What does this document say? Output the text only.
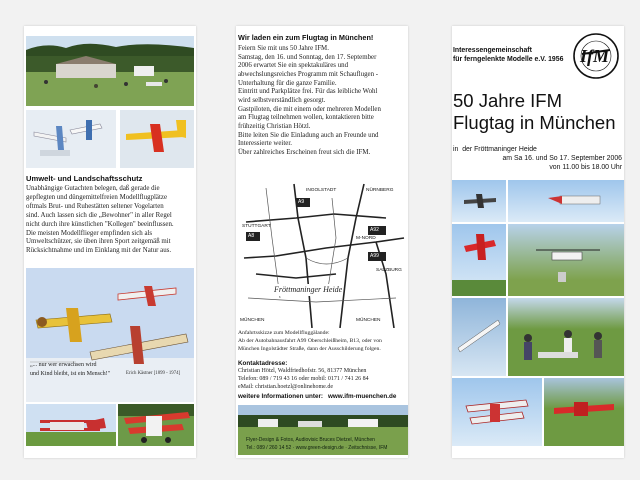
Umwelt- und Landschaftsschutz
Unabhängige Gutachten belegen, daß gerade die
gepflegten und düngemittelfreien Modellflugplätze
oftmals Brut- und Ruhestätten seltener Vogelarten
sind. Auch lassen sich die „Bewohner" in aller Regel
nicht durch ihre künstlichen "Kollegen" beeinflussen.
Die meisten Modellflieger empfinden sich als
Umweltschützer, sie üben ihren Sport zeitgemäß mit
Rücksichtnahme und im Einklang mit der Natur aus.
„... nur wer erwachsen wird
und Kind bleibt, ist ein Mensch!"	Erich Kästner [1899 - 1974]
Wir laden ein zum Flugtag in München!
Feiern Sie mit uns 50 Jahre IFM.
Samstag, den 16. und Sonntag, den 17. September
2006 erwartet Sie ein spektakuläres und
abwechslungsreiches Programm mit Schauflugen -
Unterhaltung für die ganze Familie.
Eintritt und Parkplätze frei. Für das leibliche Wohl
wird selbstverständlich gesorgt.
Gastpiloten, die mit einem oder mehreren Modellen
am Flugtag teilnehmen wollen, kontaktieren bitte
frühzeitig Christian Hötzl.
Bitte leiten Sie die Einladung auch an Freunde und
Interessierte weiter.
Über zahlreiches Erscheinen freut sich die IFM.
INGOLSTADT	NÜRNBERG
STUTTGART
A9
A8
A92
A99
M-NORD
SALZBURG
Fröttmaninger Heide
MÜNCHEN	MÜNCHEN
Anfahrtsskizze zum Modellfluggälande:
Ab der Autobahnausfahrt A99 Oberschleißheim, B13, oder von
München Ingolstädter Straße, dann der Ausschilderung folgen.
Kontaktadresse:
Christian Hötzl, Waldfriedhofstr. 56, 81377 München
Telefon: 089 / 719 43 16 oder mobil: 0171 / 741 26 84
eMail: christian.hoetzl@onlinehome.de
weitere Informationen unter: www.ifm-muenchen.de
Flyer-Design & Fotos, Audiovisic Bruces Dietzel, München
Tel.: 089 / 260 14 52 · www.green-design.de · Zeitschnisse, IFM
Interessengemeinschaft
für ferngelenkte Modelle e.V. 1956 IfM
50 Jahre IFM
Flugtag in München
in  der Fröttmaninger Heide
am Sa 16. und So 17. September 2006
von 11.00 bis 18.00 Uhr
